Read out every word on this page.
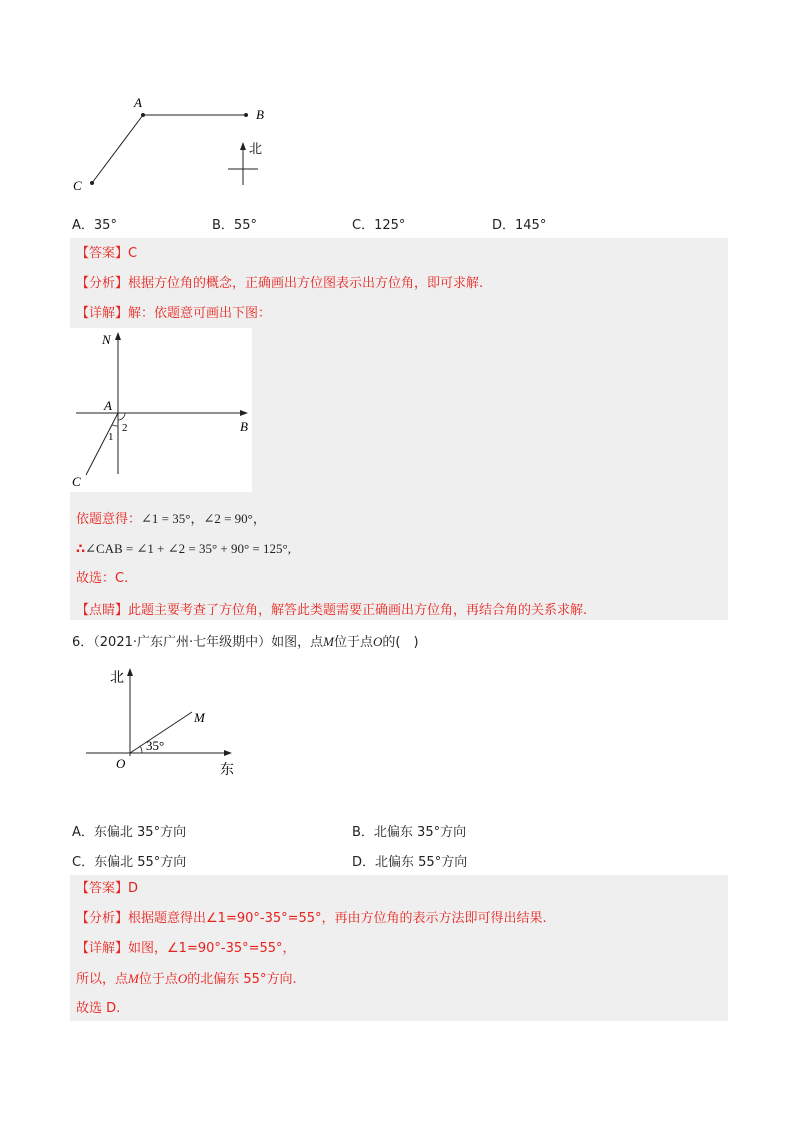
A
B
C
北
A．35°	B．55°	C．125°	D．145°
【答案】C
【分析】根据方位角的概念，正确画出方位图表示出方位角，即可求解.
【详解】解：依题意可画出下图：
N
A
B
C
1
2
依题意得：∠1 = 35°，∠2 = 90°，
∴∠CAB = ∠1 + ∠2 = 35° + 90° = 125°,
故选：C.
【点睛】此题主要考查了方位角，解答此类题需要正确画出方位角，再结合角的关系求解.
6．（2021·广东广州·七年级期中）如图，点M位于点O的(　)
北
东
O
M
35°
A．东偏北 35°方向	B．北偏东 35°方向
C．东偏北 55°方向	D．北偏东 55°方向
【答案】D
【分析】根据题意得出∠1=90°-35°=55°，再由方位角的表示方法即可得出结果.
【详解】如图，∠1=90°-35°=55°，
所以，点M位于点O的北偏东 55°方向.
故选 D.
